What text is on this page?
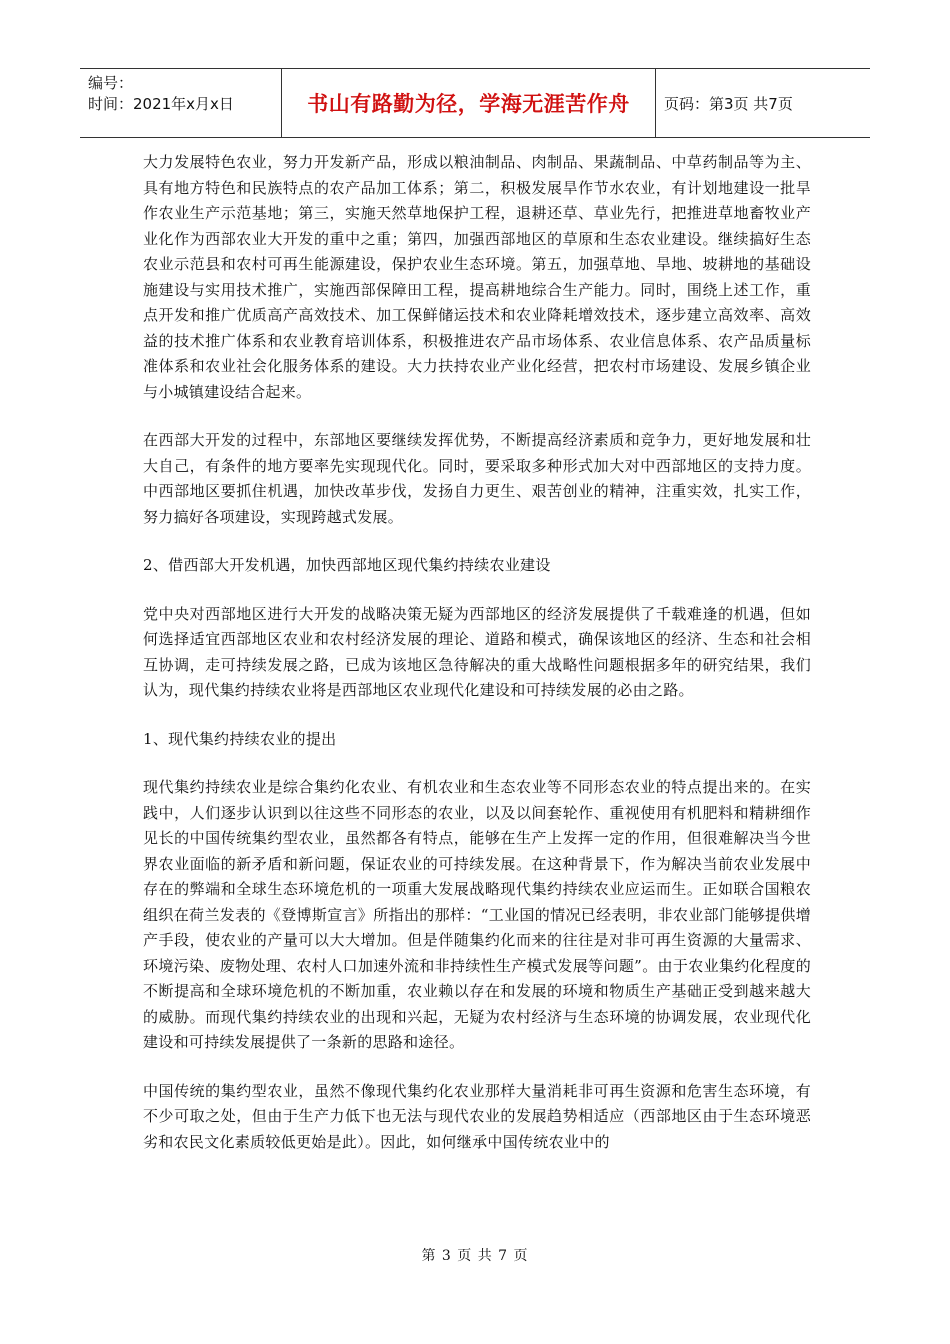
编号：
时间：2021年x月x日	书山有路勤为径，学海无涯苦作舟	页码：第3页 共7页

大力发展特色农业，努力开发新产品，形成以粮油制品、肉制品、果蔬制品、中草药制品等为主、具有地方特色和民族特点的农产品加工体系；第二，积极发展旱作节水农业，有计划地建设一批旱作农业生产示范基地；第三，实施天然草地保护工程，退耕还草、草业先行，把推进草地畜牧业产业化作为西部农业大开发的重中之重；第四，加强西部地区的草原和生态农业建设。继续搞好生态农业示范县和农村可再生能源建设，保护农业生态环境。第五，加强草地、旱地、坡耕地的基础设施建设与实用技术推广，实施西部保障田工程，提高耕地综合生产能力。同时，围绕上述工作，重点开发和推广优质高产高效技术、加工保鲜储运技术和农业降耗增效技术，逐步建立高效率、高效益的技术推广体系和农业教育培训体系，积极推进农产品市场体系、农业信息体系、农产品质量标准体系和农业社会化服务体系的建设。大力扶持农业产业化经营，把农村市场建设、发展乡镇企业与小城镇建设结合起来。

在西部大开发的过程中，东部地区要继续发挥优势，不断提高经济素质和竞争力，更好地发展和壮大自己，有条件的地方要率先实现现代化。同时，要采取多种形式加大对中西部地区的支持力度。中西部地区要抓住机遇，加快改革步伐，发扬自力更生、艰苦创业的精神，注重实效，扎实工作，努力搞好各项建设，实现跨越式发展。

2、借西部大开发机遇，加快西部地区现代集约持续农业建设

党中央对西部地区进行大开发的战略决策无疑为西部地区的经济发展提供了千载难逢的机遇，但如何选择适宜西部地区农业和农村经济发展的理论、道路和模式，确保该地区的经济、生态和社会相互协调，走可持续发展之路，已成为该地区急待解决的重大战略性问题根据多年的研究结果，我们认为，现代集约持续农业将是西部地区农业现代化建设和可持续发展的必由之路。

1、现代集约持续农业的提出

现代集约持续农业是综合集约化农业、有机农业和生态农业等不同形态农业的特点提出来的。在实践中，人们逐步认识到以往这些不同形态的农业，以及以间套轮作、重视使用有机肥料和精耕细作见长的中国传统集约型农业，虽然都各有特点，能够在生产上发挥一定的作用，但很难解决当今世界农业面临的新矛盾和新问题，保证农业的可持续发展。在这种背景下，作为解决当前农业发展中存在的弊端和全球生态环境危机的一项重大发展战略现代集约持续农业应运而生。正如联合国粮农组织在荷兰发表的《登博斯宣言》所指出的那样：“工业国的情况已经表明，非农业部门能够提供增产手段，使农业的产量可以大大增加。但是伴随集约化而来的往往是对非可再生资源的大量需求、环境污染、废物处理、农村人口加速外流和非持续性生产模式发展等问题”。由于农业集约化程度的不断提高和全球环境危机的不断加重，农业赖以存在和发展的环境和物质生产基础正受到越来越大的威胁。而现代集约持续农业的出现和兴起，无疑为农村经济与生态环境的协调发展，农业现代化建设和可持续发展提供了一条新的思路和途径。

中国传统的集约型农业，虽然不像现代集约化农业那样大量消耗非可再生资源和危害生态环境，有不少可取之处，但由于生产力低下也无法与现代农业的发展趋势相适应（西部地区由于生态环境恶劣和农民文化素质较低更始是此）。因此，如何继承中国传统农业中的

第 3 页 共 7 页
